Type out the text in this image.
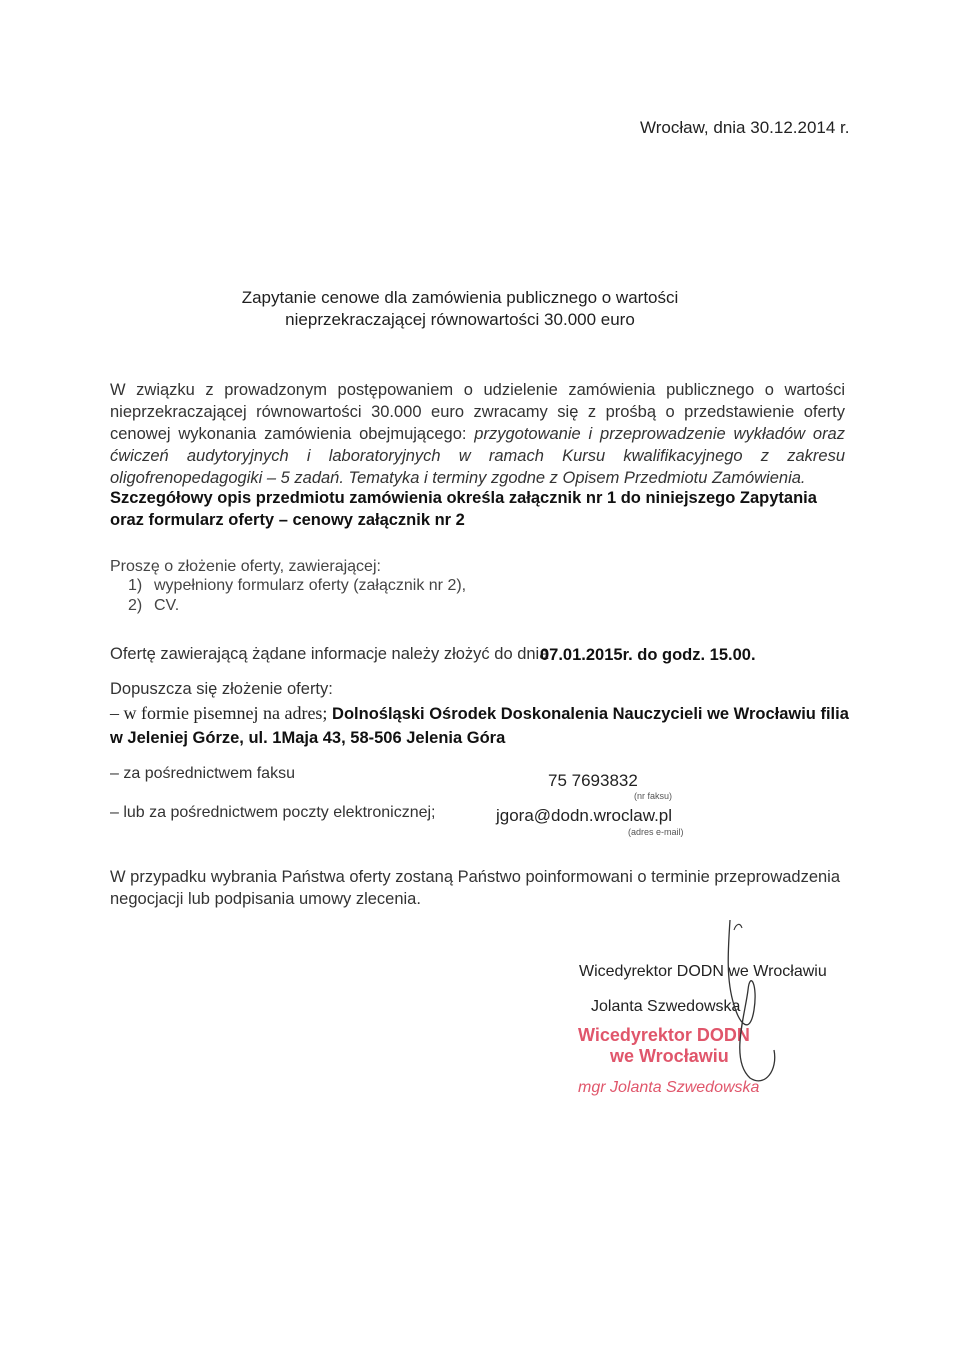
Wrocław, dnia 30.12.2014 r.
Zapytanie cenowe dla zamówienia publicznego o wartości
nieprzekraczającej równowartości 30.000 euro
W związku z prowadzonym postępowaniem o udzielenie zamówienia publicznego o wartości nieprzekraczającej równowartości 30.000 euro zwracamy się z prośbą o przedstawienie oferty cenowej wykonania zamówienia obejmującego: przygotowanie i przeprowadzenie wykładów oraz ćwiczeń audytoryjnych i laboratoryjnych w ramach Kursu kwalifikacyjnego z zakresu oligofrenopedagogiki – 5 zadań. Tematyka i terminy zgodne z Opisem Przedmiotu Zamówienia.
Szczegółowy opis przedmiotu zamówienia określa załącznik nr 1 do niniejszego Zapytania oraz formularz oferty – cenowy załącznik nr 2
Proszę o złożenie oferty, zawierającej:
1) wypełniony formularz oferty (załącznik nr 2),
2) CV.
Ofertę zawierającą żądane informacje należy złożyć do dnia
07.01.2015r. do godz. 15.00.
Dopuszcza się złożenie oferty:
– w formie pisemnej na adres; Dolnośląski Ośrodek Doskonalenia Nauczycieli we Wrocławiu filia w Jeleniej Górze, ul. 1Maja 43, 58-506 Jelenia Góra
– za pośrednictwem faksu	75 7693832
(nr faksu)
– lub za pośrednictwem poczty elektronicznej;	jgora@dodn.wroclaw.pl
(adres e-mail)
W przypadku wybrania Państwa oferty zostaną Państwo poinformowani o terminie przeprowadzenia negocjacji lub podpisania umowy zlecenia.
Wicedyrektor DODN we Wrocławiu
Jolanta Szwedowska
Wicedyrektor DODN
we Wrocławiu
mgr Jolanta Szwedowska
